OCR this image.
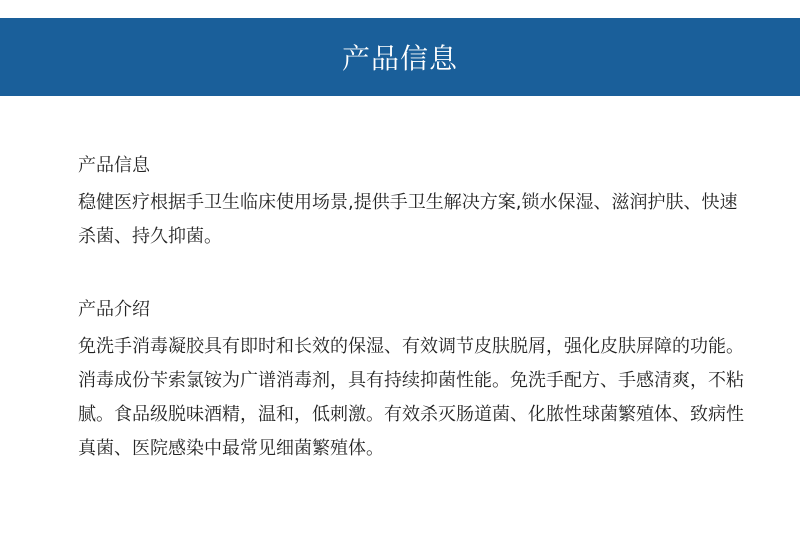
产品信息

产品信息

稳健医疗根据手卫生临床使用场景,提供手卫生解决方案,锁水保湿、滋润护肤、快速杀菌、持久抑菌。

产品介绍

免洗手消毒凝胶具有即时和长效的保湿、有效调节皮肤脱屑，强化皮肤屏障的功能。消毒成份苄索氯铵为广谱消毒剂，具有持续抑菌性能。免洗手配方、手感清爽，不粘腻。食品级脱味酒精，温和，低刺激。有效杀灭肠道菌、化脓性球菌繁殖体、致病性真菌、医院感染中最常见细菌繁殖体。
